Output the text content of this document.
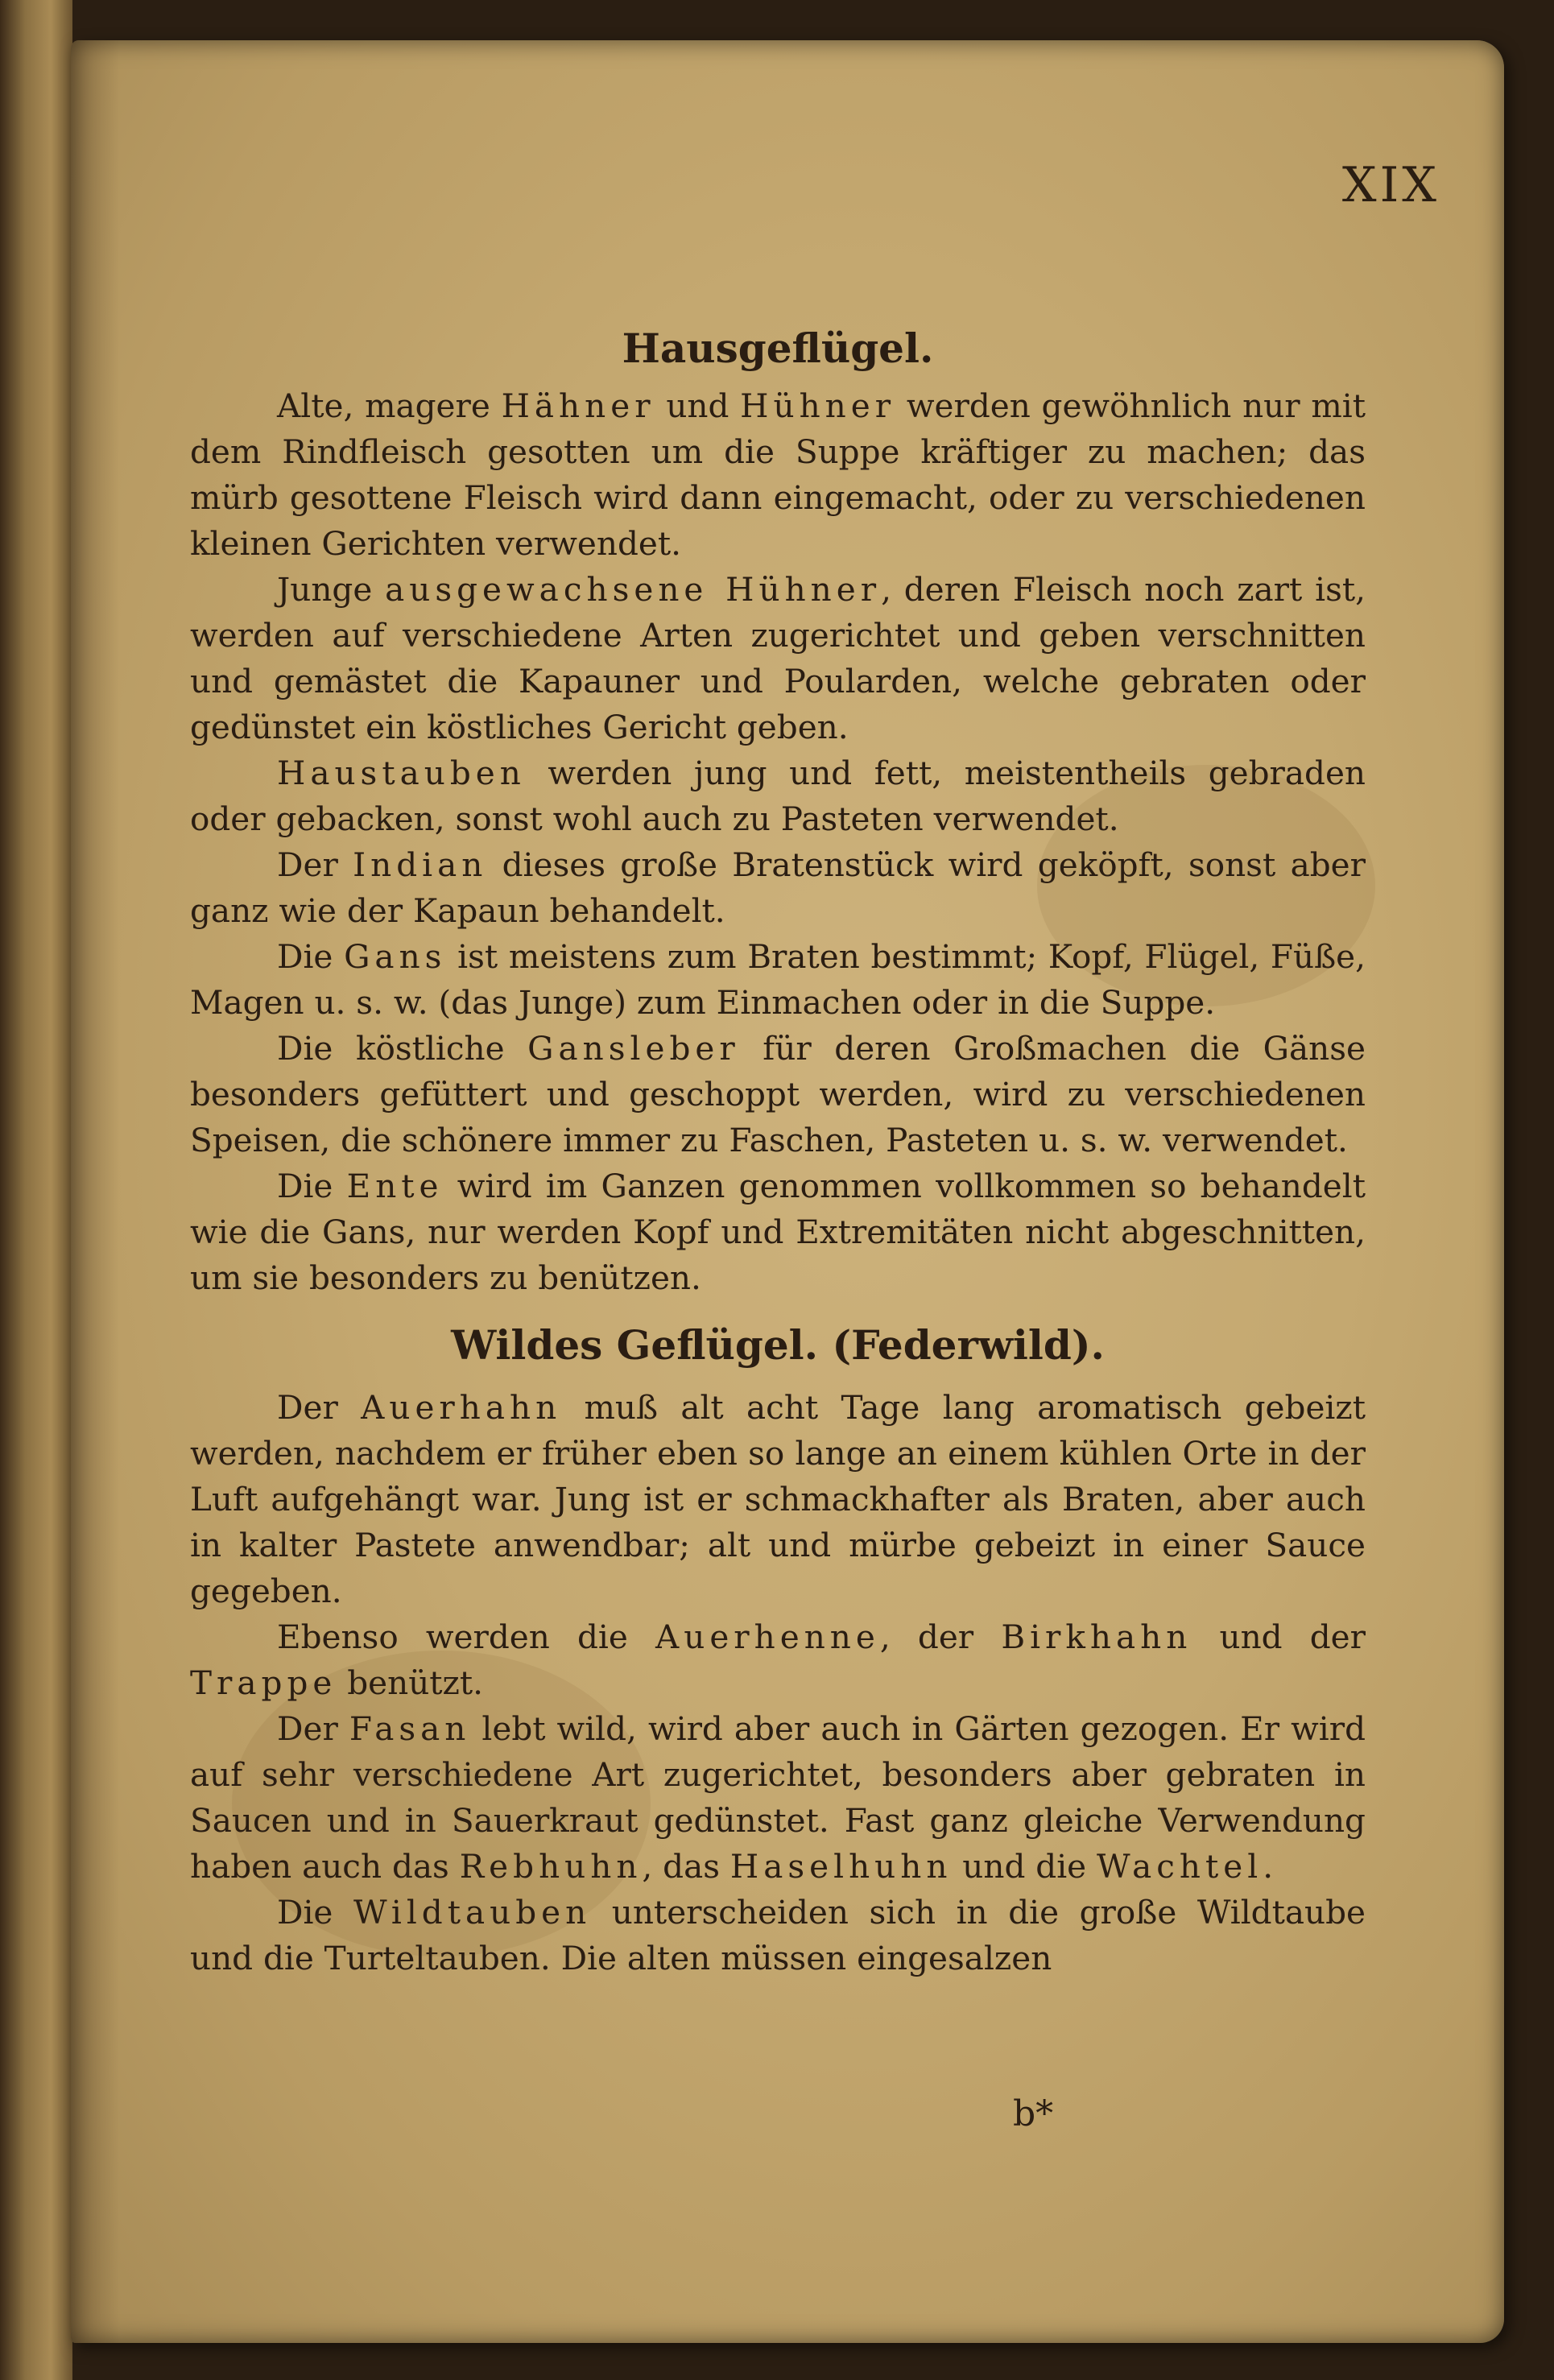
XIX
Hausgeflügel.

Alte, magere Hähner und Hühner werden gewöhnlich nur mit dem Rindfleisch gesotten um die Suppe kräftiger zu machen; das mürb gesottene Fleisch wird dann eingemacht, oder zu verschiedenen kleinen Gerichten verwendet.

Junge ausgewachsene Hühner, deren Fleisch noch zart ist, werden auf verschiedene Arten zugerichtet und geben verschnitten und gemästet die Kapauner und Poularden, welche gebraten oder gedünstet ein köstliches Gericht geben.

Haustauben werden jung und fett, meistentheils gebraden oder gebacken, sonst wohl auch zu Pasteten verwendet.

Der Indian dieses große Bratenstück wird geköpft, sonst aber ganz wie der Kapaun behandelt.

Die Gans ist meistens zum Braten bestimmt; Kopf, Flügel, Füße, Magen u. s. w. (das Junge) zum Einmachen oder in die Suppe.

Die köstliche Gansleber für deren Großmachen die Gänse besonders gefüttert und geschoppt werden, wird zu verschiedenen Speisen, die schönere immer zu Faschen, Pasteten u. s. w. verwendet.

Die Ente wird im Ganzen genommen vollkommen so behandelt wie die Gans, nur werden Kopf und Extremitäten nicht abgeschnitten, um sie besonders zu benützen.

Wildes Geflügel. (Federwild).

Der Auerhahn muß alt acht Tage lang aromatisch gebeizt werden, nachdem er früher eben so lange an einem kühlen Orte in der Luft aufgehängt war. Jung ist er schmackhafter als Braten, aber auch in kalter Pastete anwendbar; alt und mürbe gebeizt in einer Sauce gegeben.

Ebenso werden die Auerhenne, der Birkhahn und der Trappe benützt.

Der Fasan lebt wild, wird aber auch in Gärten gezogen. Er wird auf sehr verschiedene Art zugerichtet, besonders aber gebraten in Saucen und in Sauerkraut gedünstet. Fast ganz gleiche Verwendung haben auch das Rebhuhn, das Haselhuhn und die Wachtel.

Die Wildtauben unterscheiden sich in die große Wildtaube und die Turteltauben. Die alten müssen eingesalzen

b*
